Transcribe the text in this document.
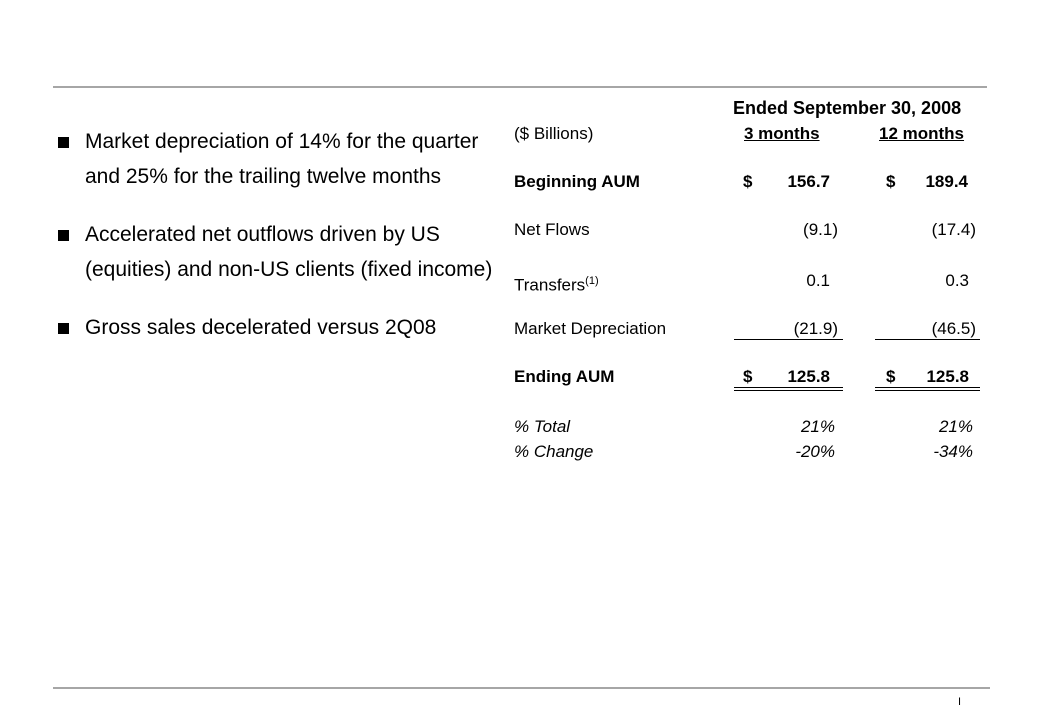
Market depreciation of 14% for the quarter and 25% for the trailing twelve months
Accelerated net outflows driven by US (equities) and non-US clients (fixed income)
Gross sales decelerated versus 2Q08
Ended September 30, 2008
($ Billions)	3 months	12 months
Beginning AUM	$	156.7	$	189.4
Net Flows	(9.1)	(17.4)
Transfers$^{(1)}$	0.1	0.3
Market Depreciation	(21.9)	(46.5)
Ending AUM	$	125.8	$	125.8
% Total	21%	21%
% Change	-20%	-34%
I
